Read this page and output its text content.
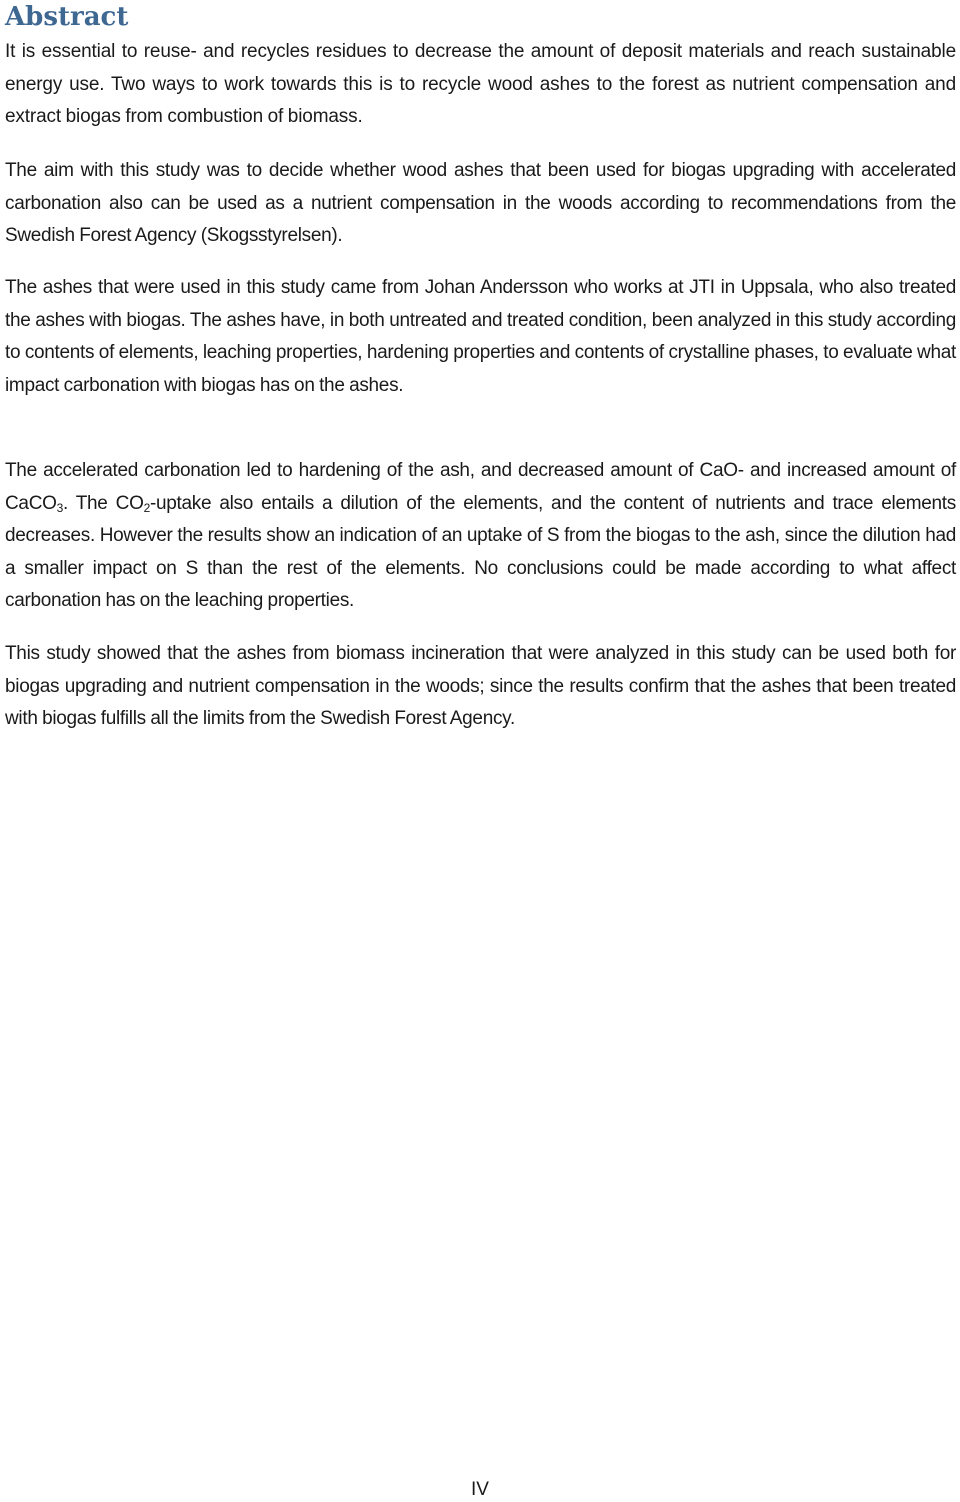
Abstract

It is essential to reuse- and recycles residues to decrease the amount of deposit materials and reach sustainable energy use. Two ways to work towards this is to recycle wood ashes to the forest as nutrient compensation and extract biogas from combustion of biomass.

The aim with this study was to decide whether wood ashes that been used for biogas upgrading with accelerated carbonation also can be used as a nutrient compensation in the woods according to recommendations from the Swedish Forest Agency (Skogsstyrelsen).

The ashes that were used in this study came from Johan Andersson who works at JTI in Uppsala, who also treated the ashes with biogas. The ashes have, in both untreated and treated condition, been analyzed in this study according to contents of elements, leaching properties, hardening properties and contents of crystalline phases, to evaluate what impact carbonation with biogas has on the ashes.

The accelerated carbonation led to hardening of the ash, and decreased amount of CaO- and increased amount of CaCO$_3$. The $CO_2$-uptake also entails a dilution of the elements, and the content of nutrients and trace elements decreases. However the results show an indication of an uptake of S from the biogas to the ash, since the dilution had a smaller impact on S than the rest of the elements. No conclusions could be made according to what affect carbonation has on the leaching properties.

This study showed that the ashes from biomass incineration that were analyzed in this study can be used both for biogas upgrading and nutrient compensation in the woods; since the results confirm that the ashes that been treated with biogas fulfills all the limits from the Swedish Forest Agency.

IV
